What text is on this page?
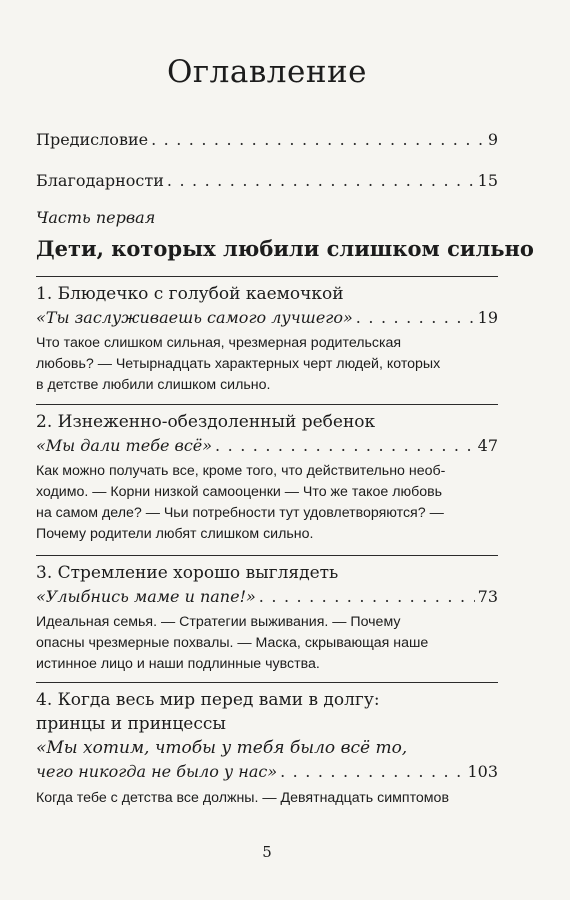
Оглавление
Предисловие . . .	9
Благодарности . . .	15
Часть первая
Дети, которых любили слишком сильно
1. Блюдечко с голубой каемочкой
«Ты заслуживаешь самого лучшего» . . .	19
Что такое слишком сильная, чрезмерная родительская
любовь? — Четырнадцать характерных черт людей, которых
в детстве любили слишком сильно.
2. Изнеженно-обездоленный ребенок
«Мы дали тебе всё» . . .	47
Как можно получать все, кроме того, что действительно необ-
ходимо. — Корни низкой самооценки — Что же такое любовь
на самом деле? — Чьи потребности тут удовлетворяются? —
Почему родители любят слишком сильно.
3. Стремление хорошо выглядеть
«Улыбнись маме и папе!» . . .	73
Идеальная семья. — Стратегии выживания. — Почему
опасны чрезмерные похвалы. — Маска, скрывающая наше
истинное лицо и наши подлинные чувства.
4. Когда весь мир перед вами в долгу:
принцы и принцессы
«Мы хотим, чтобы у тебя было всё то,
чего никогда не было у нас» . . .	103
Когда тебе с детства все должны. — Девятнадцать симптомов
5
